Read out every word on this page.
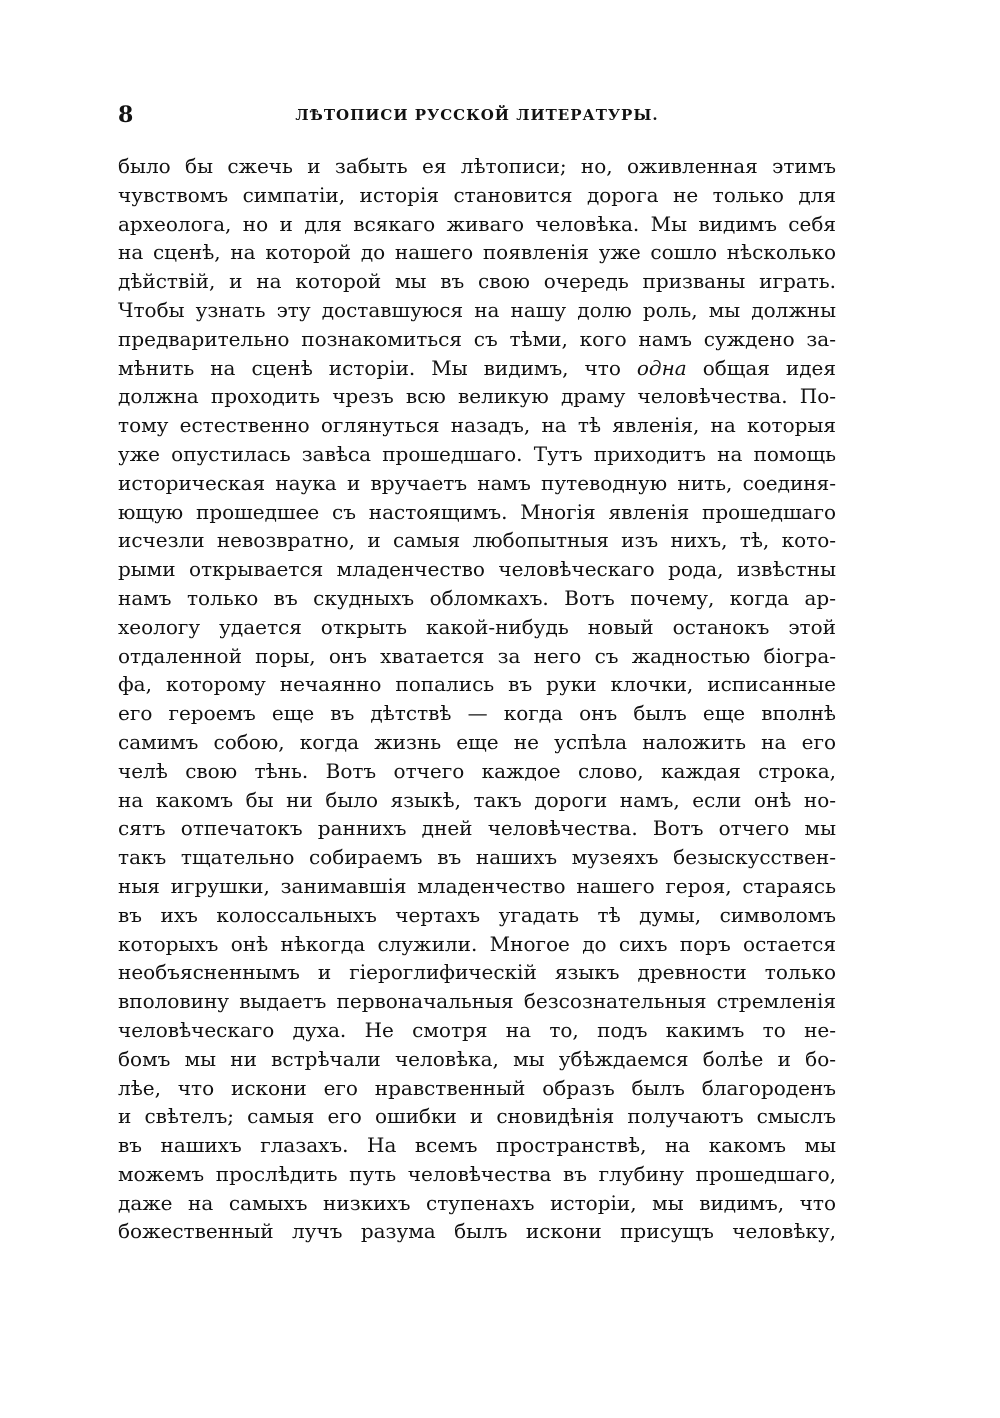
8	ЛѢТОПИСИ РУССКОЙ ЛИТЕРАТУРЫ.
было бы сжечь и забыть ея лѣтописи; но, оживленная этимъ
чувствомъ симпатіи, исторія становится дорога не только для
археолога, но и для всякаго живаго человѣка. Мы видимъ себя
на сценѣ, на которой до нашего появленія уже сошло нѣсколько
дѣйствій, и на которой мы въ свою очередь призваны играть.
Чтобы узнать эту доставшуюся на нашу долю роль, мы должны
предварительно познакомиться съ тѣми, кого намъ суждено за-
мѣнить на сценѣ исторіи. Мы видимъ, что одна общая идея
должна проходить чрезъ всю великую драму человѣчества. По-
тому естественно оглянуться назадъ, на тѣ явленія, на которыя
уже опустилась завѣса прошедшаго. Тутъ приходитъ на помощь
историческая наука и вручаетъ намъ путеводную нить, соединя-
ющую прошедшее съ настоящимъ. Многія явленія прошедшаго
исчезли невозвратно, и самыя любопытныя изъ нихъ, тѣ, кото-
рыми открывается младенчество человѣческаго рода, извѣстны
намъ только въ скудныхъ обломкахъ. Вотъ почему, когда ар-
хеологу удается открыть какой-нибудь новый останокъ этой
отдаленной поры, онъ хватается за него съ жадностью біогра-
фа, которому нечаянно попались въ руки клочки, исписанные
его героемъ еще въ дѣтствѣ — когда онъ былъ еще вполнѣ
самимъ собою, когда жизнь еще не успѣла наложить на его
челѣ свою тѣнь. Вотъ отчего каждое слово, каждая строка,
на какомъ бы ни было языкѣ, такъ дороги намъ, если онѣ но-
сятъ отпечатокъ раннихъ дней человѣчества. Вотъ отчего мы
такъ тщательно собираемъ въ нашихъ музеяхъ безыскусствен-
ныя игрушки, занимавшія младенчество нашего героя, стараясь
въ ихъ колоссальныхъ чертахъ угадать тѣ думы, символомъ
которыхъ онѣ нѣкогда служили. Многое до сихъ поръ остается
необъясненнымъ и гіероглифическій языкъ древности только
вполовину выдаетъ первоначальныя безсознательныя стремленія
человѣческаго духа. Не смотря на то, подъ какимъ то не-
бомъ мы ни встрѣчали человѣка, мы убѣждаемся болѣе и бо-
лѣе, что искони его нравственный образъ былъ благороденъ
и свѣтелъ; самыя его ошибки и сновидѣнія получаютъ смыслъ
въ нашихъ глазахъ. На всемъ пространствѣ, на какомъ мы
можемъ прослѣдить путь человѣчества въ глубину прошедшаго,
даже на самыхъ низкихъ ступенахъ исторіи, мы видимъ, что
божественный лучъ разума былъ искони присущъ человѣку,
